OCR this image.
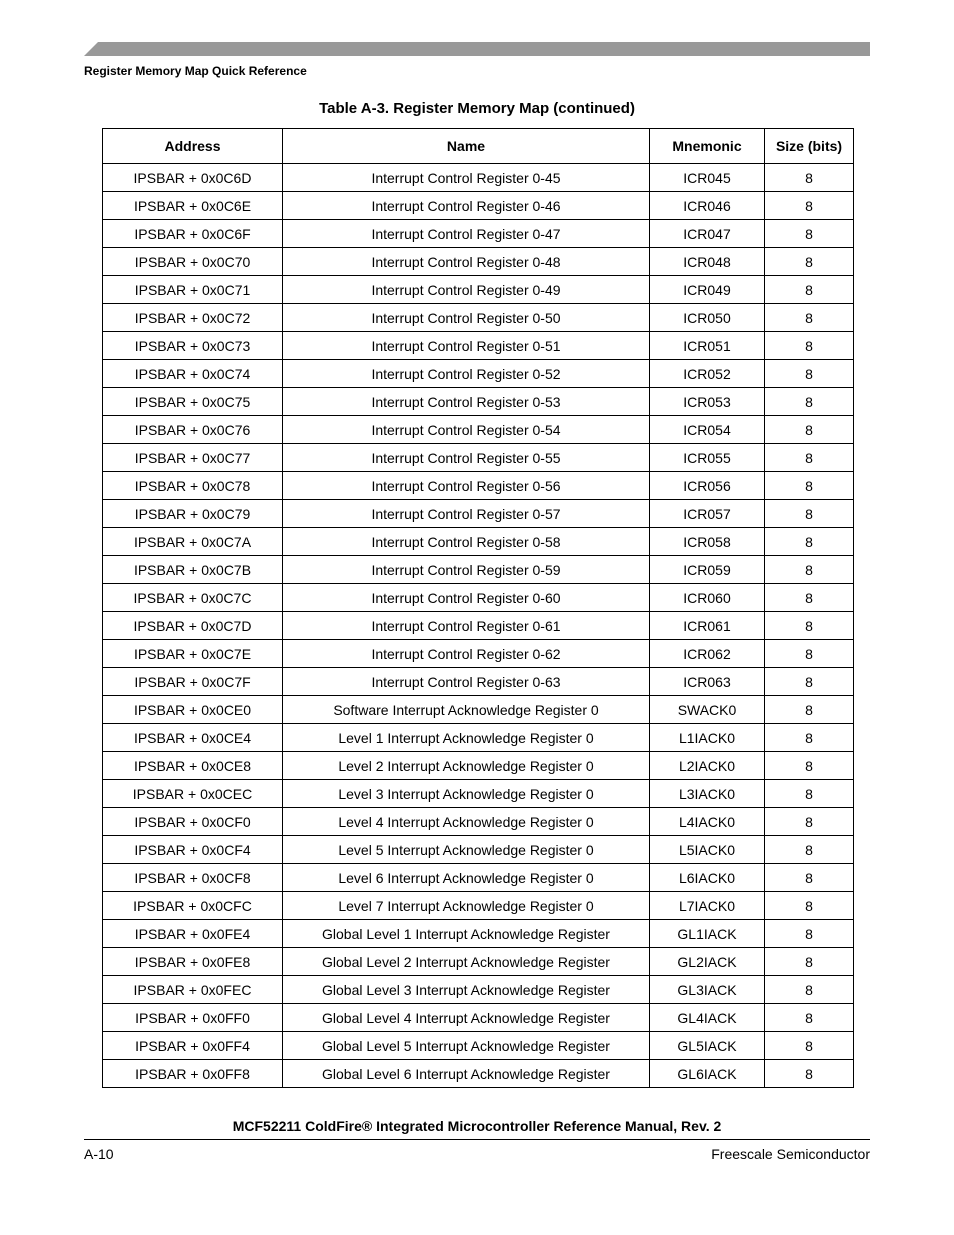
Register Memory Map Quick Reference
Table A-3. Register Memory Map (continued)
Address	Name	Mnemonic	Size (bits)
IPSBAR + 0x0C6D	Interrupt Control Register 0-45	ICR045	8
IPSBAR + 0x0C6E	Interrupt Control Register 0-46	ICR046	8
IPSBAR + 0x0C6F	Interrupt Control Register 0-47	ICR047	8
IPSBAR + 0x0C70	Interrupt Control Register 0-48	ICR048	8
IPSBAR + 0x0C71	Interrupt Control Register 0-49	ICR049	8
IPSBAR + 0x0C72	Interrupt Control Register 0-50	ICR050	8
IPSBAR + 0x0C73	Interrupt Control Register 0-51	ICR051	8
IPSBAR + 0x0C74	Interrupt Control Register 0-52	ICR052	8
IPSBAR + 0x0C75	Interrupt Control Register 0-53	ICR053	8
IPSBAR + 0x0C76	Interrupt Control Register 0-54	ICR054	8
IPSBAR + 0x0C77	Interrupt Control Register 0-55	ICR055	8
IPSBAR + 0x0C78	Interrupt Control Register 0-56	ICR056	8
IPSBAR + 0x0C79	Interrupt Control Register 0-57	ICR057	8
IPSBAR + 0x0C7A	Interrupt Control Register 0-58	ICR058	8
IPSBAR + 0x0C7B	Interrupt Control Register 0-59	ICR059	8
IPSBAR + 0x0C7C	Interrupt Control Register 0-60	ICR060	8
IPSBAR + 0x0C7D	Interrupt Control Register 0-61	ICR061	8
IPSBAR + 0x0C7E	Interrupt Control Register 0-62	ICR062	8
IPSBAR + 0x0C7F	Interrupt Control Register 0-63	ICR063	8
IPSBAR + 0x0CE0	Software Interrupt Acknowledge Register 0	SWACK0	8
IPSBAR + 0x0CE4	Level 1 Interrupt Acknowledge Register 0	L1IACK0	8
IPSBAR + 0x0CE8	Level 2 Interrupt Acknowledge Register 0	L2IACK0	8
IPSBAR + 0x0CEC	Level 3 Interrupt Acknowledge Register 0	L3IACK0	8
IPSBAR + 0x0CF0	Level 4 Interrupt Acknowledge Register 0	L4IACK0	8
IPSBAR + 0x0CF4	Level 5 Interrupt Acknowledge Register 0	L5IACK0	8
IPSBAR + 0x0CF8	Level 6 Interrupt Acknowledge Register 0	L6IACK0	8
IPSBAR + 0x0CFC	Level 7 Interrupt Acknowledge Register 0	L7IACK0	8
IPSBAR + 0x0FE4	Global Level 1 Interrupt Acknowledge Register	GL1IACK	8
IPSBAR + 0x0FE8	Global Level 2 Interrupt Acknowledge Register	GL2IACK	8
IPSBAR + 0x0FEC	Global Level 3 Interrupt Acknowledge Register	GL3IACK	8
IPSBAR + 0x0FF0	Global Level 4 Interrupt Acknowledge Register	GL4IACK	8
IPSBAR + 0x0FF4	Global Level 5 Interrupt Acknowledge Register	GL5IACK	8
IPSBAR + 0x0FF8	Global Level 6 Interrupt Acknowledge Register	GL6IACK	8
MCF52211 ColdFire® Integrated Microcontroller Reference Manual, Rev. 2
A-10	Freescale Semiconductor
